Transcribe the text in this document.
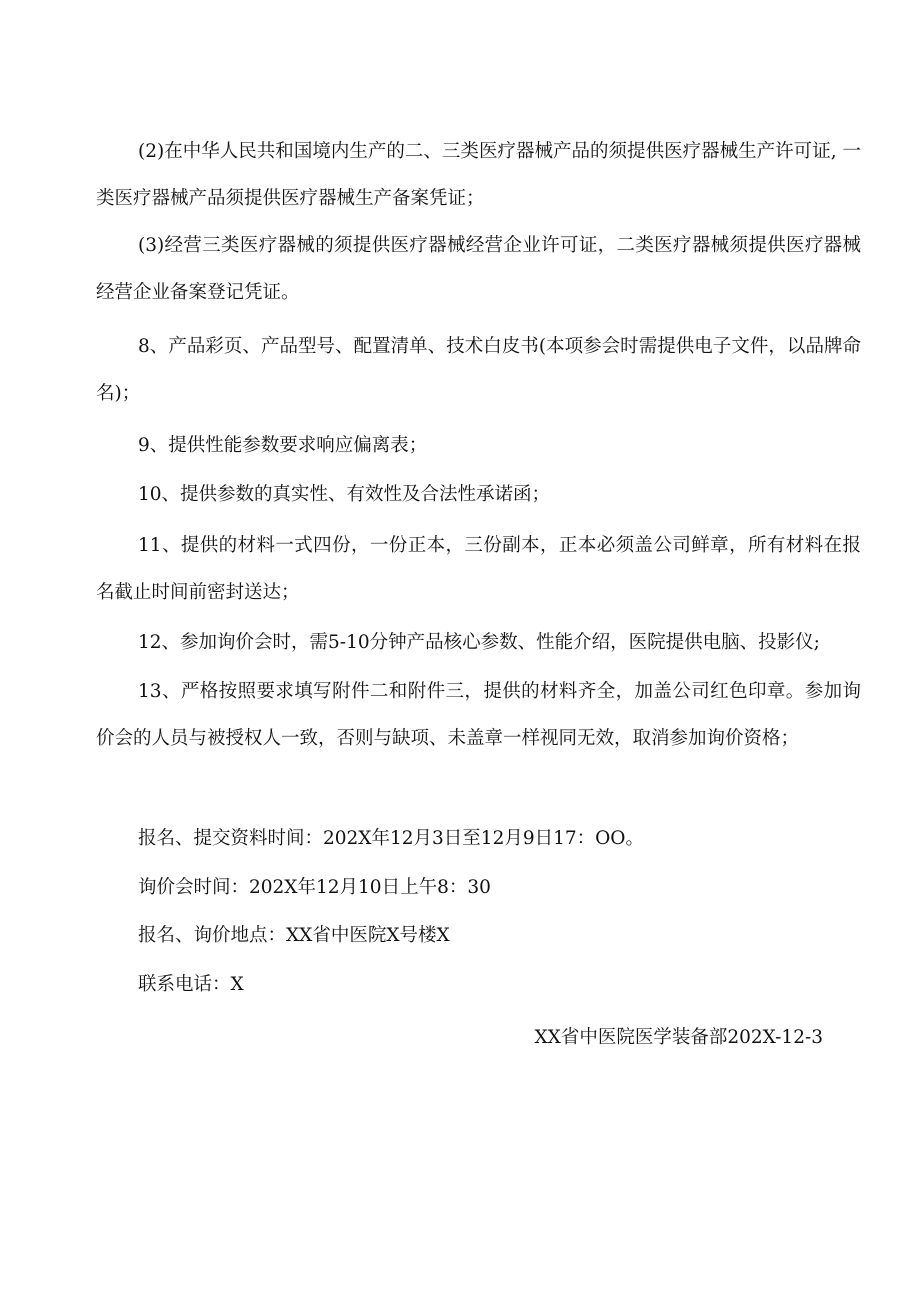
(2)在中华人民共和国境内生产的二、三类医疗器械产品的须提供医疗器械生产许可证, 一类医疗器械产品须提供医疗器械生产备案凭证；

(3)经营三类医疗器械的须提供医疗器械经营企业许可证，二类医疗器械须提供医疗器械经营企业备案登记凭证。

8、产品彩页、产品型号、配置清单、技术白皮书(本项参会时需提供电子文件，以品牌命名)；

9、提供性能参数要求响应偏离表；

10、提供参数的真实性、有效性及合法性承诺函；

11、提供的材料一式四份，一份正本，三份副本，正本必须盖公司鲜章，所有材料在报名截止时间前密封送达；

12、参加询价会时，需5-10分钟产品核心参数、性能介绍，医院提供电脑、投影仪;

13、严格按照要求填写附件二和附件三，提供的材料齐全，加盖公司红色印章。参加询价会的人员与被授权人一致，否则与缺项、未盖章一样视同无效，取消参加询价资格；

报名、提交资料时间：202X年12月3日至12月9日17：OO。

询价会时间：202X年12月10日上午8：30

报名、询价地点：XX省中医院X号楼X

联系电话：X

XX省中医院医学装备部202X-12-3
